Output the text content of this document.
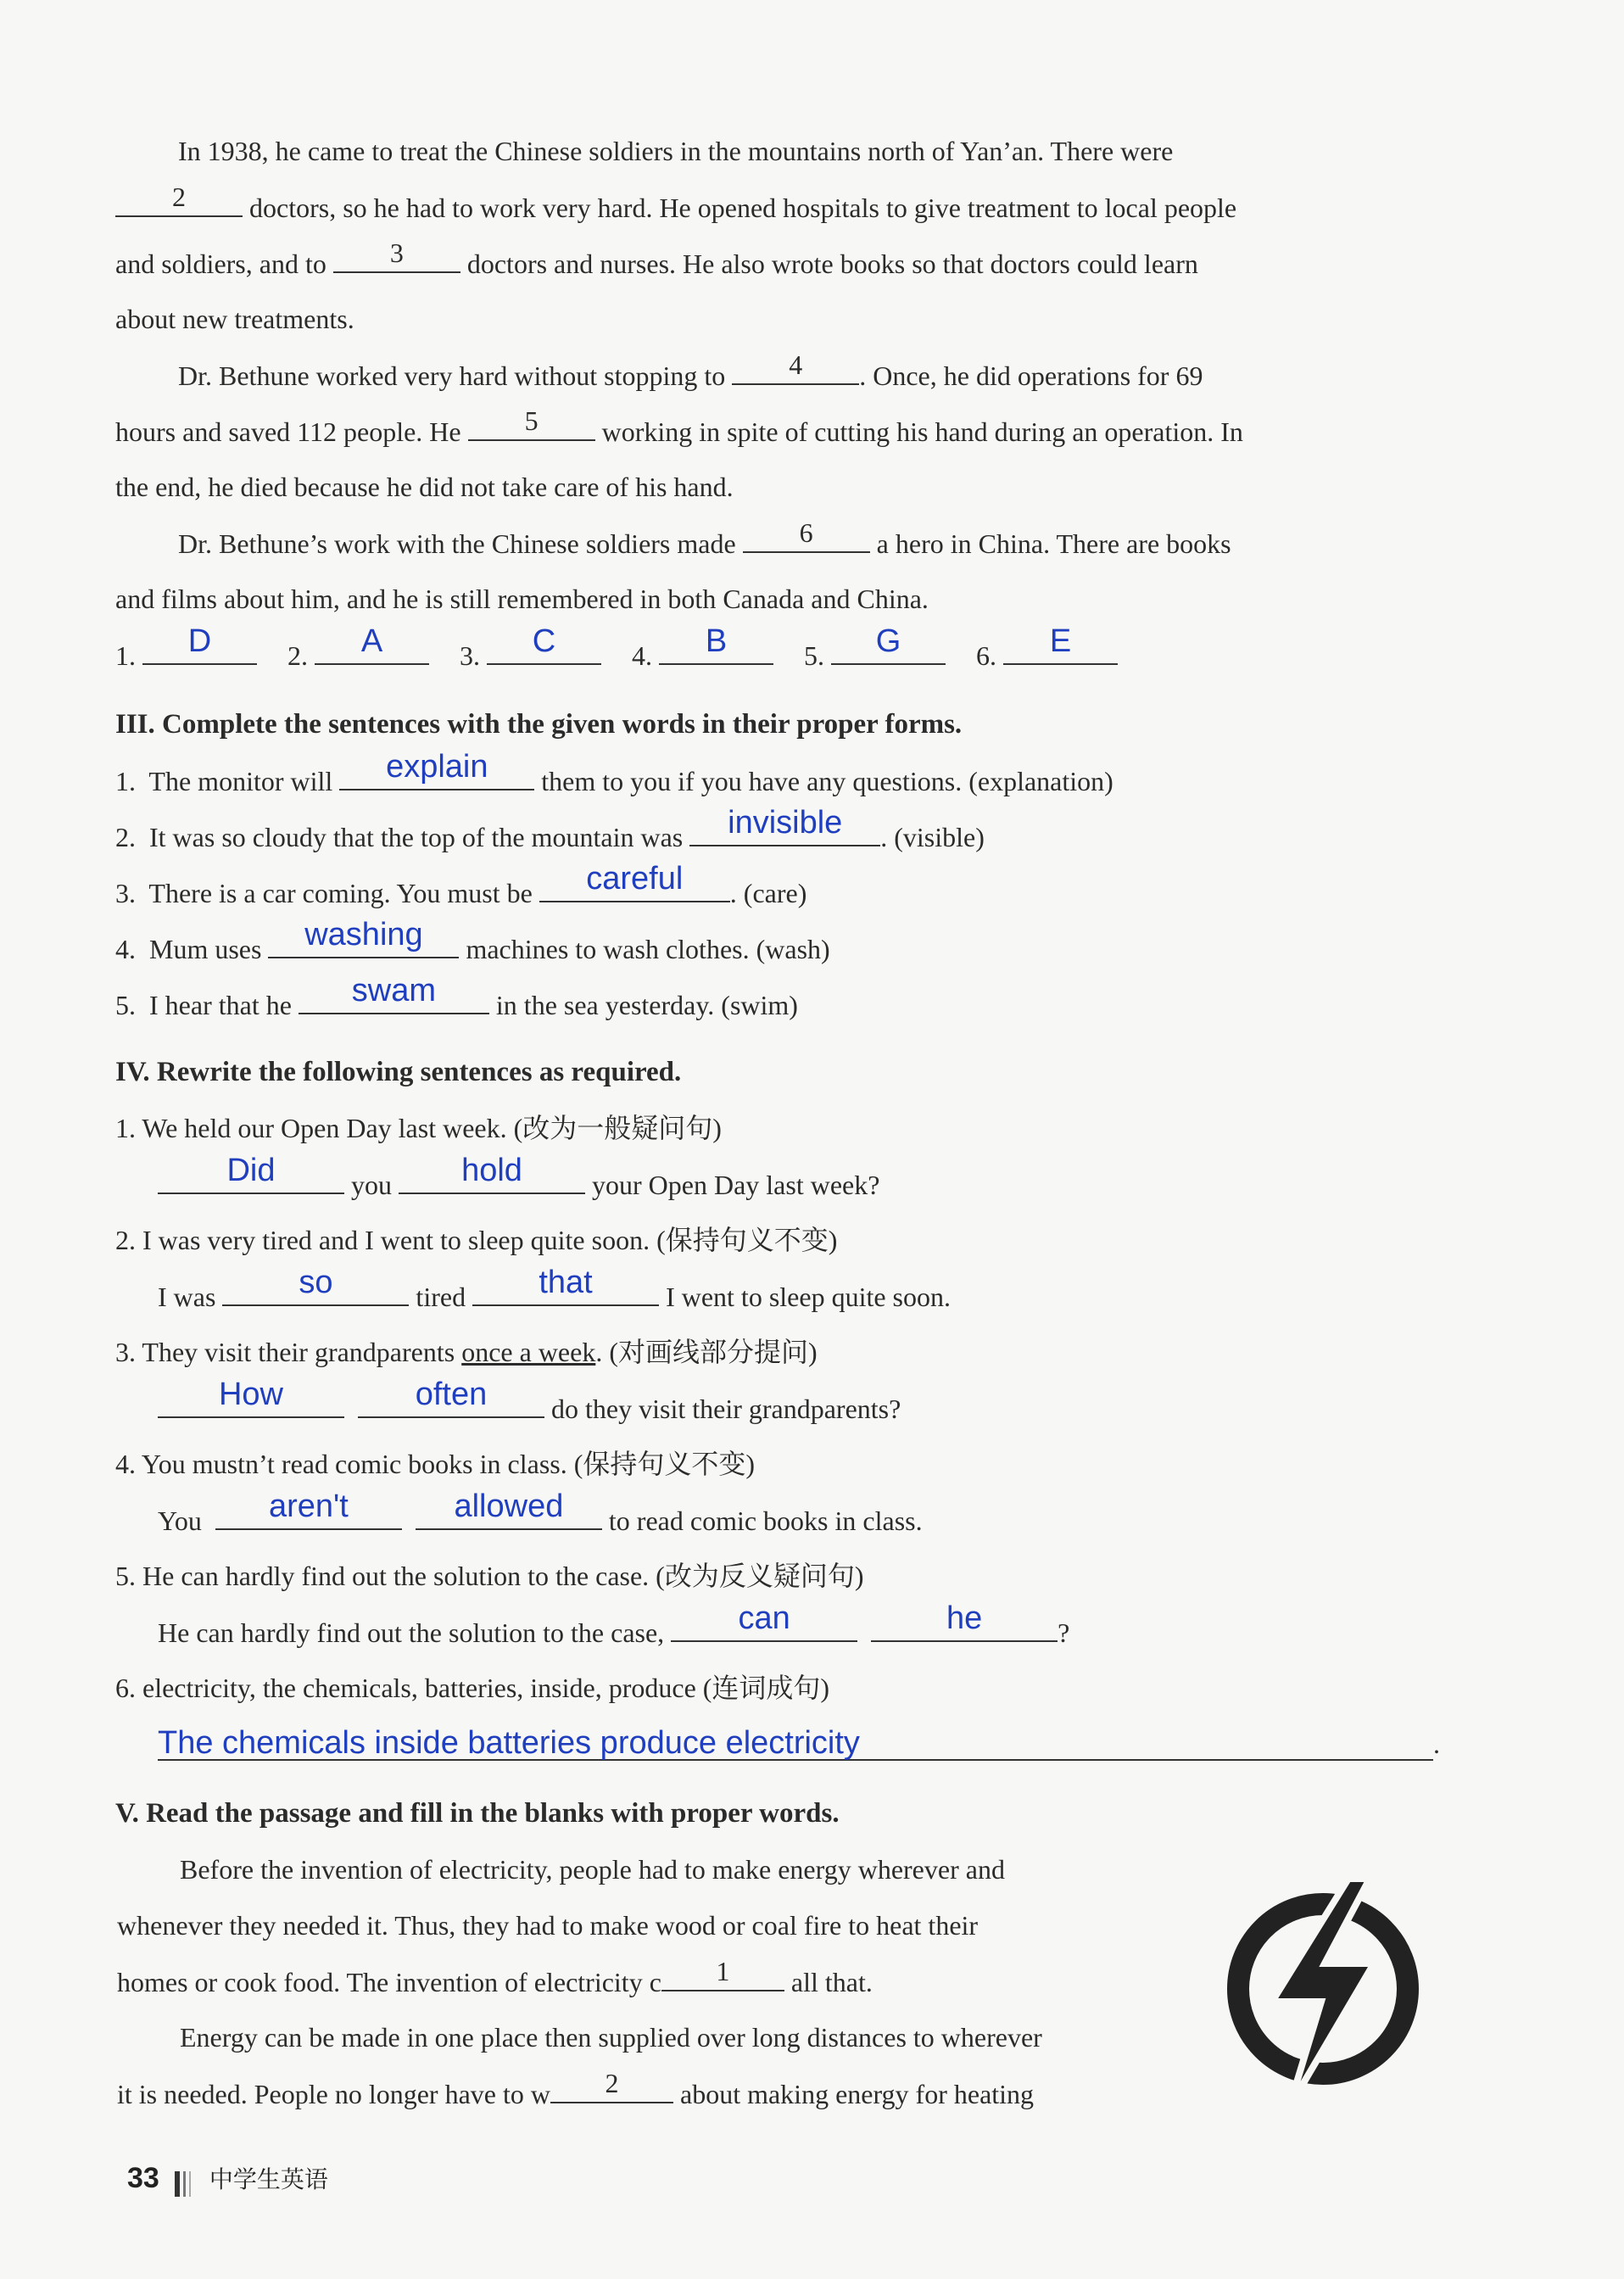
In 1938, he came to treat the Chinese soldiers in the mountains north of Yan’an. There were
2	doctors, so he had to work very hard. He opened hospitals to give treatment to local people
and soldiers, and to	3	doctors and nurses. He also wrote books so that doctors could learn
about new treatments.
Dr. Bethune worked very hard without stopping to	4	. Once, he did operations for 69
hours and saved 112 people. He	5	working in spite of cutting his hand during an operation. In
the end, he died because he did not take care of his hand.
Dr. Bethune’s work with the Chinese soldiers made	6	a hero in China. There are books
and films about him, and he is still remembered in both Canada and China.
1.	D	2.	A	3.	C	4.	B	5.	G	6.	E
III. Complete the sentences with the given words in their proper forms.
1. The monitor will	explain	them to you if you have any questions. (explanation)
2. It was so cloudy that the top of the mountain was	invisible	. (visible)
3. There is a car coming. You must be	careful	. (care)
4. Mum uses	washing	machines to wash clothes. (wash)
5. I hear that he	swam	in the sea yesterday. (swim)
IV. Rewrite the following sentences as required.
1. We held our Open Day last week. (改为一般疑问句)
Did	you	hold	your Open Day last week?
2. I was very tired and I went to sleep quite soon. (保持句义不变)
I was	so	tired	that	I went to sleep quite soon.
3. They visit their grandparents once a week. (对画线部分提问)
How
	often	do they visit their grandparents?
4. You mustn’t read comic books in class. (保持句义不变)
You	aren't
	allowed	to read comic books in class.
5. He can hardly find out the solution to the case. (改为反义疑问句)
He can hardly find out the solution to the case,	can
	he	?
6. electricity, the chemicals, batteries, inside, produce (连词成句)
The chemicals inside batteries produce electricity	.
V. Read the passage and fill in the blanks with proper words.
Before the invention of electricity, people had to make energy wherever and
whenever they needed it. Thus, they had to make wood or coal fire to heat their
homes or cook food. The invention of electricity c	1	all that.
Energy can be made in one place then supplied over long distances to wherever
it is needed. People no longer have to w	2	about making energy for heating
33 中学生英语
